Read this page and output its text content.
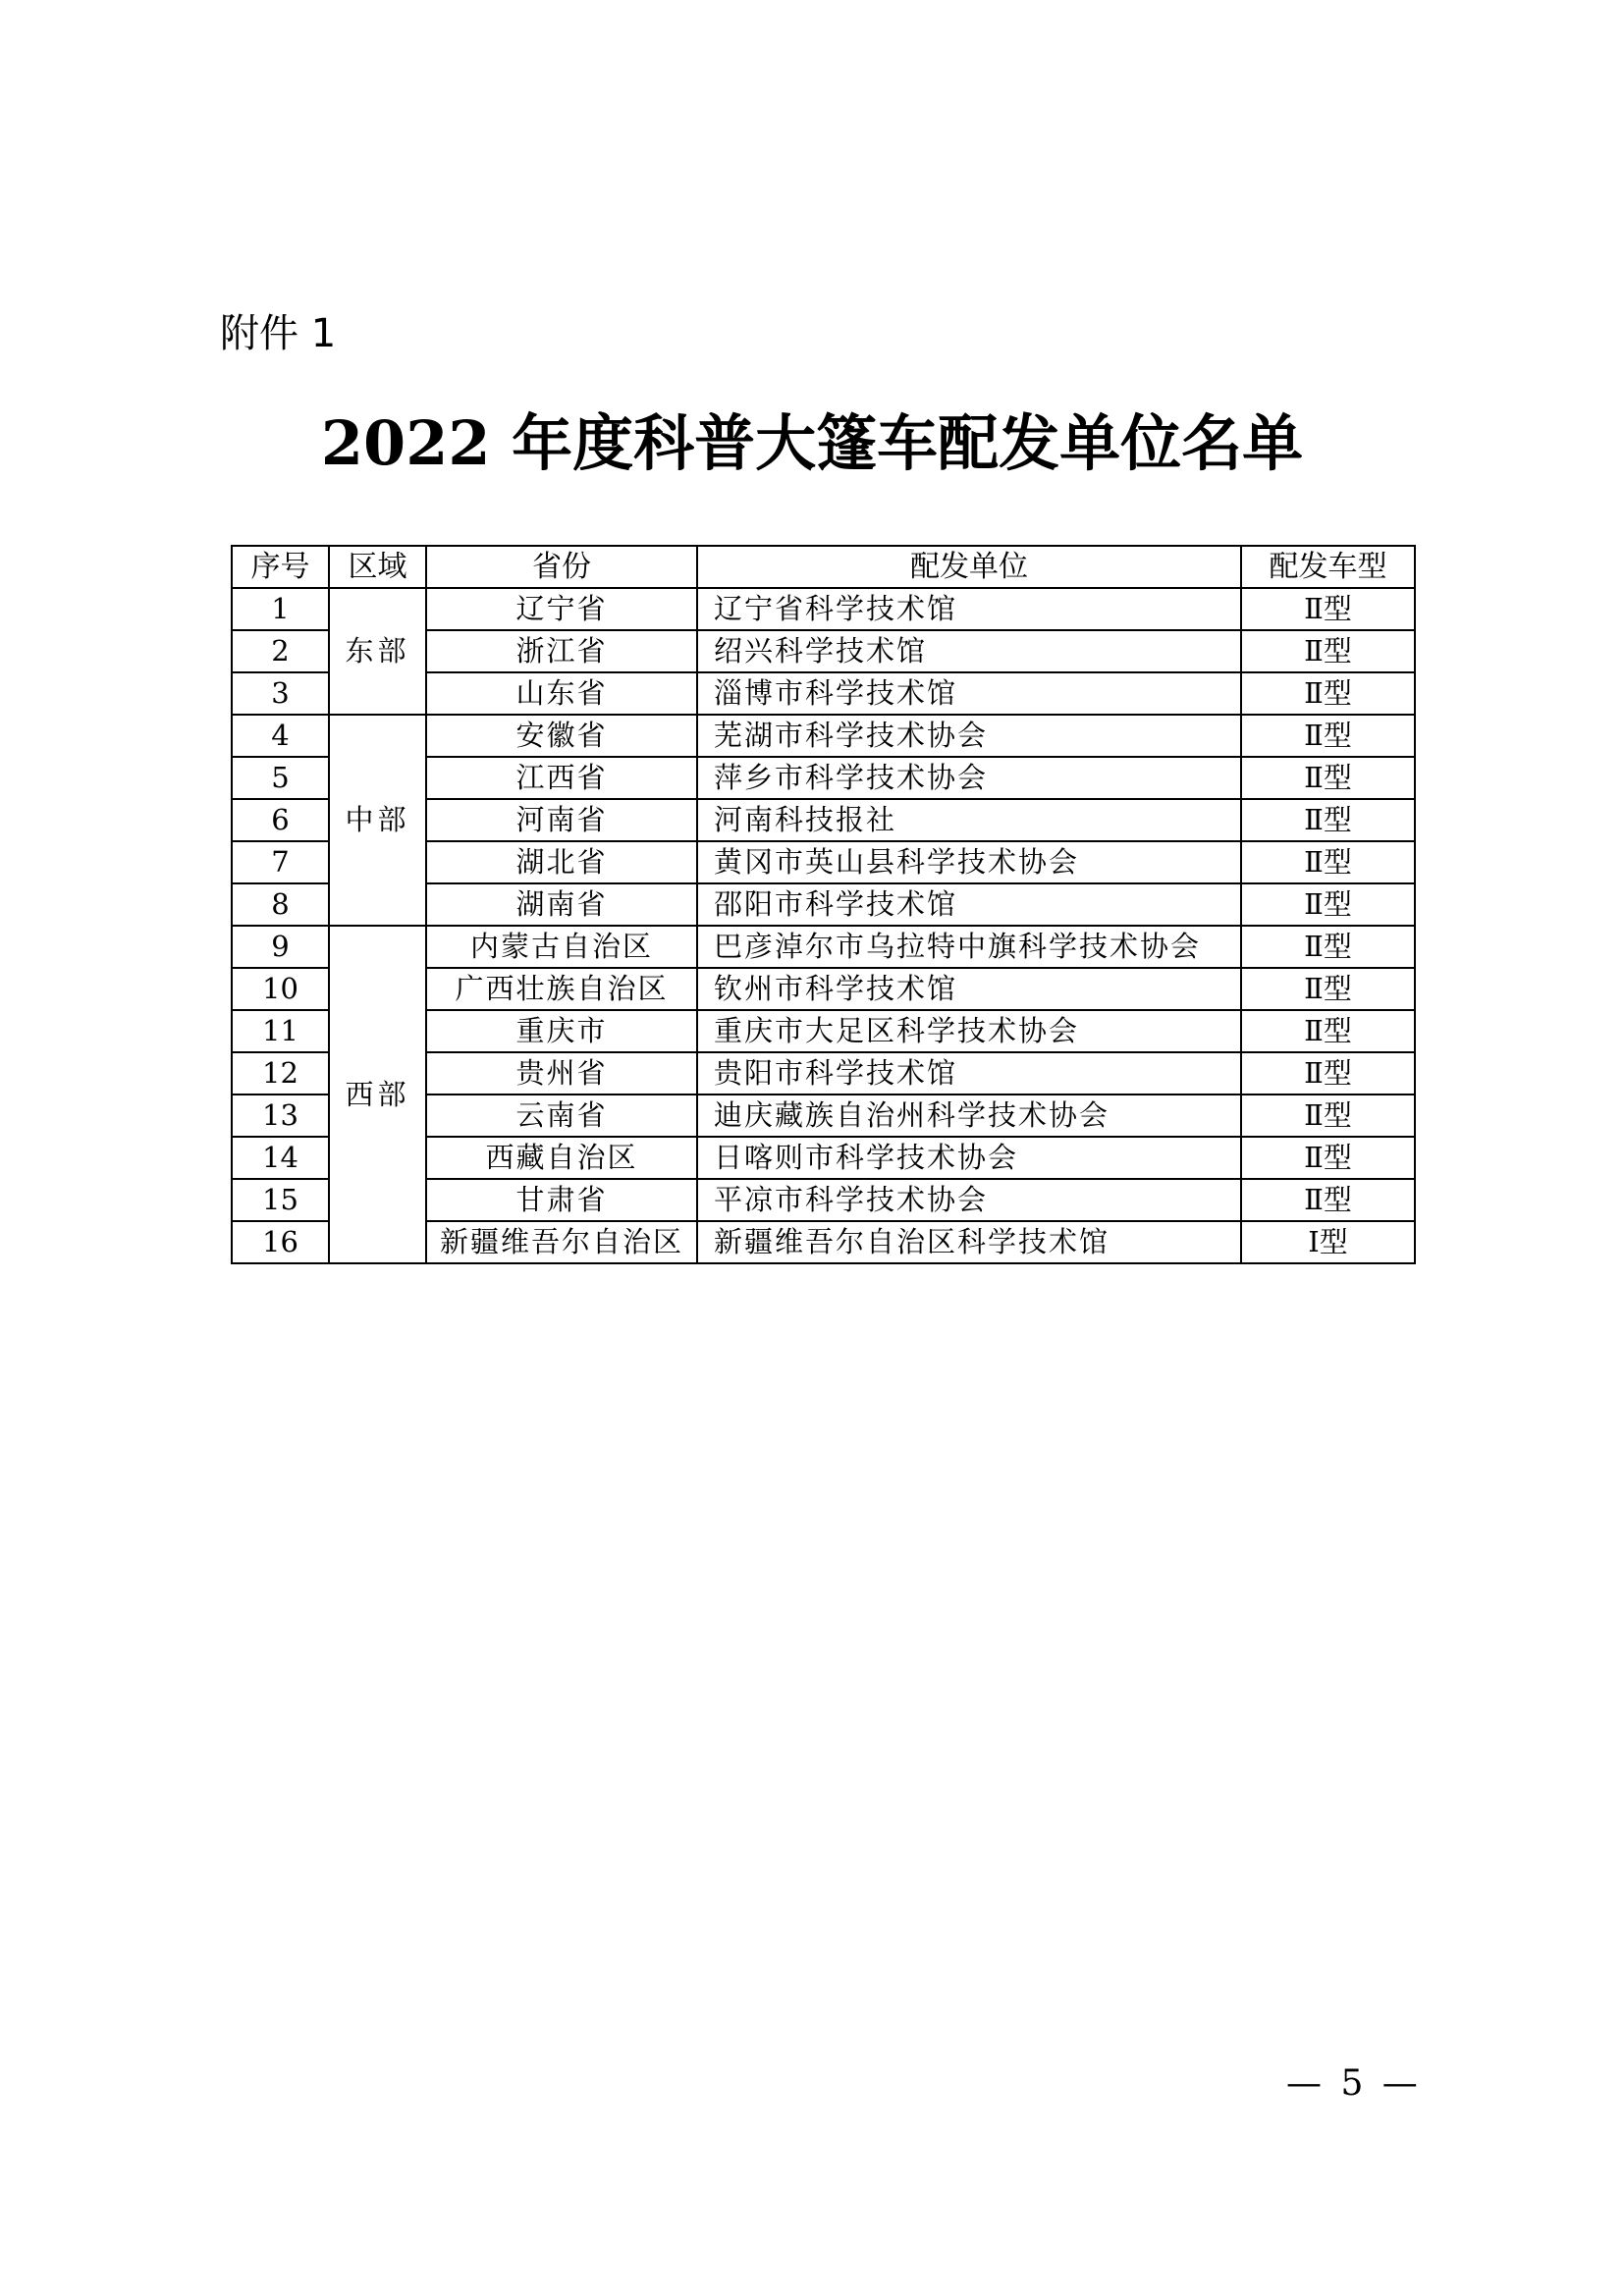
附件 1
2022 年度科普大篷车配发单位名单
序号	区域	省份	配发单位	配发车型
1	东部	辽宁省	辽宁省科学技术馆	Ⅱ型
2		浙江省	绍兴科学技术馆	Ⅱ型
3		山东省	淄博市科学技术馆	Ⅱ型
4	中部	安徽省	芜湖市科学技术协会	Ⅱ型
5		江西省	萍乡市科学技术协会	Ⅱ型
6		河南省	河南科技报社	Ⅱ型
7		湖北省	黄冈市英山县科学技术协会	Ⅱ型
8		湖南省	邵阳市科学技术馆	Ⅱ型
9	西部	内蒙古自治区	巴彦淖尔市乌拉特中旗科学技术协会	Ⅱ型
10		广西壮族自治区	钦州市科学技术馆	Ⅱ型
11		重庆市	重庆市大足区科学技术协会	Ⅱ型
12		贵州省	贵阳市科学技术馆	Ⅱ型
13		云南省	迪庆藏族自治州科学技术协会	Ⅱ型
14		西藏自治区	日喀则市科学技术协会	Ⅱ型
15		甘肃省	平凉市科学技术协会	Ⅱ型
16		新疆维吾尔自治区	新疆维吾尔自治区科学技术馆	Ⅰ型
— 5 —
